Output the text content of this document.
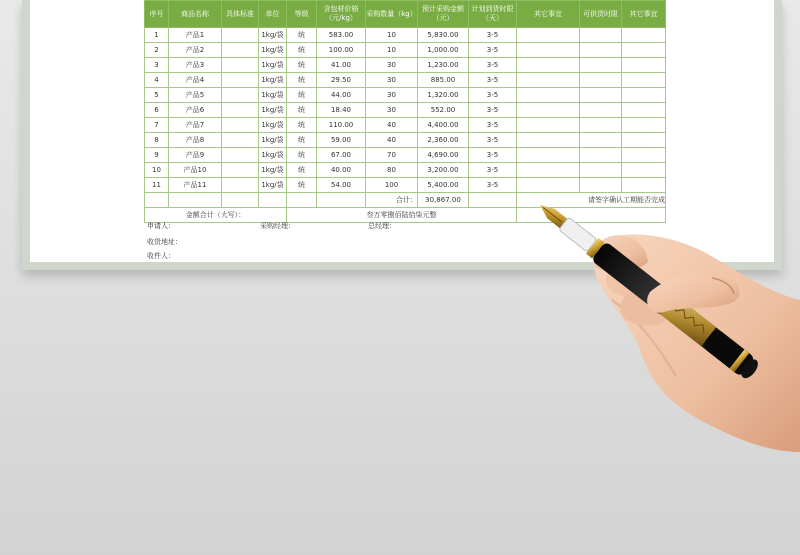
序号	商品名称	具体标准	单位	等级	含包材价格（元/kg）	采购数量（kg）	预计采购金额（元）	计划到货时限（天）	其它事宜	可供货时限	其它事宜
1	产品1		1kg/袋	统	583.00	10	5,830.00	3-5			
2	产品2		1kg/袋	统	100.00	10	1,000.00	3-5			
3	产品3		1kg/袋	统	41.00	30	1,230.00	3-5			
4	产品4		1kg/袋	统	29.50	30	885.00	3-5			
5	产品5		1kg/袋	统	44.00	30	1,320.00	3-5			
6	产品6		1kg/袋	统	18.40	30	552.00	3-5			
7	产品7		1kg/袋	统	110.00	40	4,400.00	3-5			
8	产品8		1kg/袋	统	59.00	40	2,360.00	3-5			
9	产品9		1kg/袋	统	67.00	70	4,690.00	3-5			
10	产品10		1kg/袋	统	40.00	80	3,200.00	3-5			
11	产品11		1kg/袋	统	54.00	100	5,400.00	3-5			
						合计：	30,867.00		请签字确认工期能否完成		
金额合计（大写）：				叁万零捌佰陆拾柒元整							
申请人：	采购经理：	总经理：
收货地址：
收件人：
